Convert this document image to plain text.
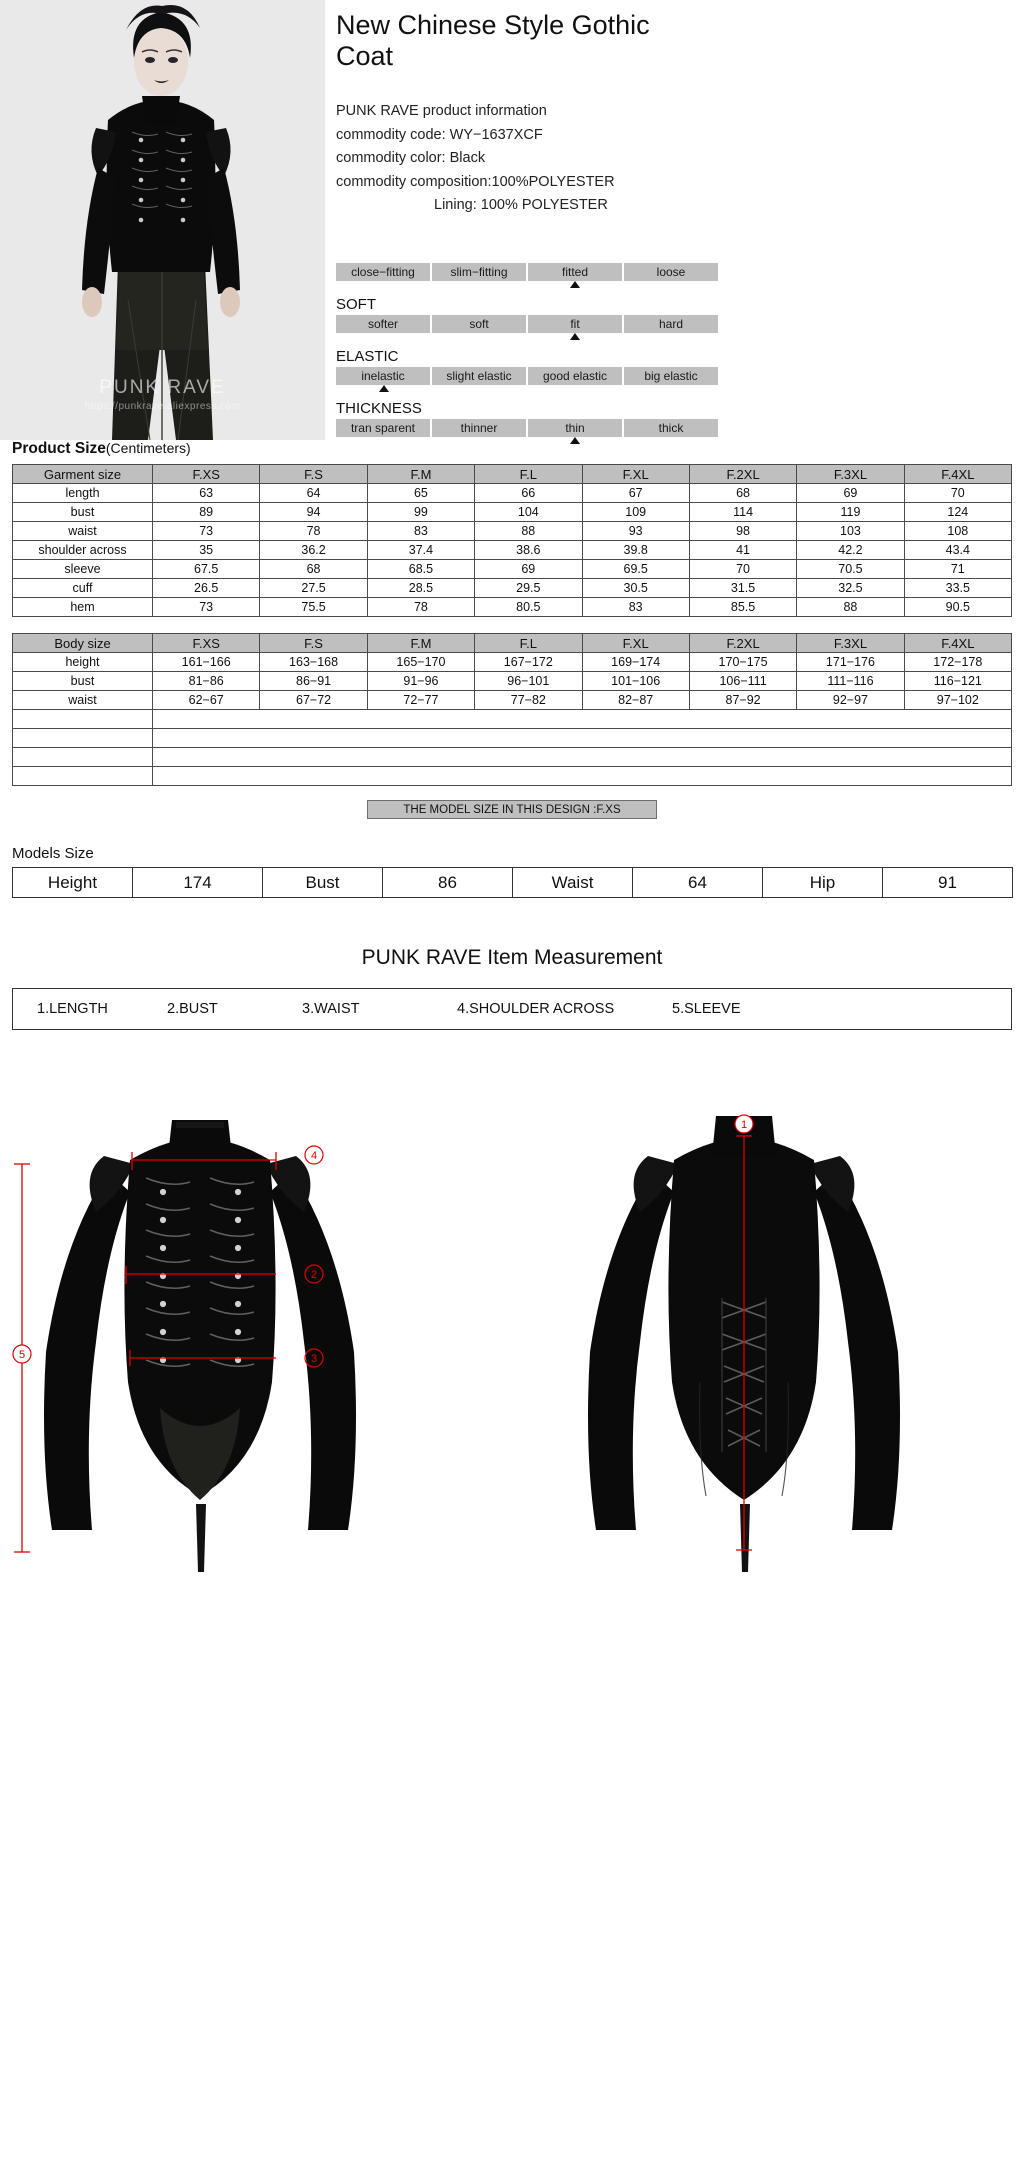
PUNK RAVE
https://punkrave.aliexpress.com
New Chinese Style Gothic Coat
PUNK RAVE product information
commodity code: WY−1637XCF
commodity color: Black
commodity composition:100%POLYESTER
Lining: 100% POLYESTER
close−fitting	slim−fitting	fitted	loose
SOFT
softer	soft	fit	hard
ELASTIC
inelastic	slight elastic	good elastic	big elastic
THICKNESS
tran sparent	thinner	thin	thick
Product Size(Centimeters)
Garment size	F.XS	F.S	F.M	F.L	F.XL	F.2XL	F.3XL	F.4XL
length	63	64	65	66	67	68	69	70
bust	89	94	99	104	109	114	119	124
waist	73	78	83	88	93	98	103	108
shoulder across	35	36.2	37.4	38.6	39.8	41	42.2	43.4
sleeve	67.5	68	68.5	69	69.5	70	70.5	71
cuff	26.5	27.5	28.5	29.5	30.5	31.5	32.5	33.5
hem	73	75.5	78	80.5	83	85.5	88	90.5
Body size	F.XS	F.S	F.M	F.L	F.XL	F.2XL	F.3XL	F.4XL
height	161−166	163−168	165−170	167−172	169−174	170−175	171−176	172−178
bust	81−86	86−91	91−96	96−101	101−106	106−111	111−116	116−121
waist	62−67	67−72	72−77	77−82	82−87	87−92	92−97	97−102

THE MODEL SIZE IN THIS DESIGN :F.XS
Models Size
Height	174	Bust	86	Waist	64	Hip	91
PUNK RAVE Item Measurement
1.LENGTH	2.BUST	3.WAIST	4.SHOULDER ACROSS	5.SLEEVE
4
2
3
5
1
